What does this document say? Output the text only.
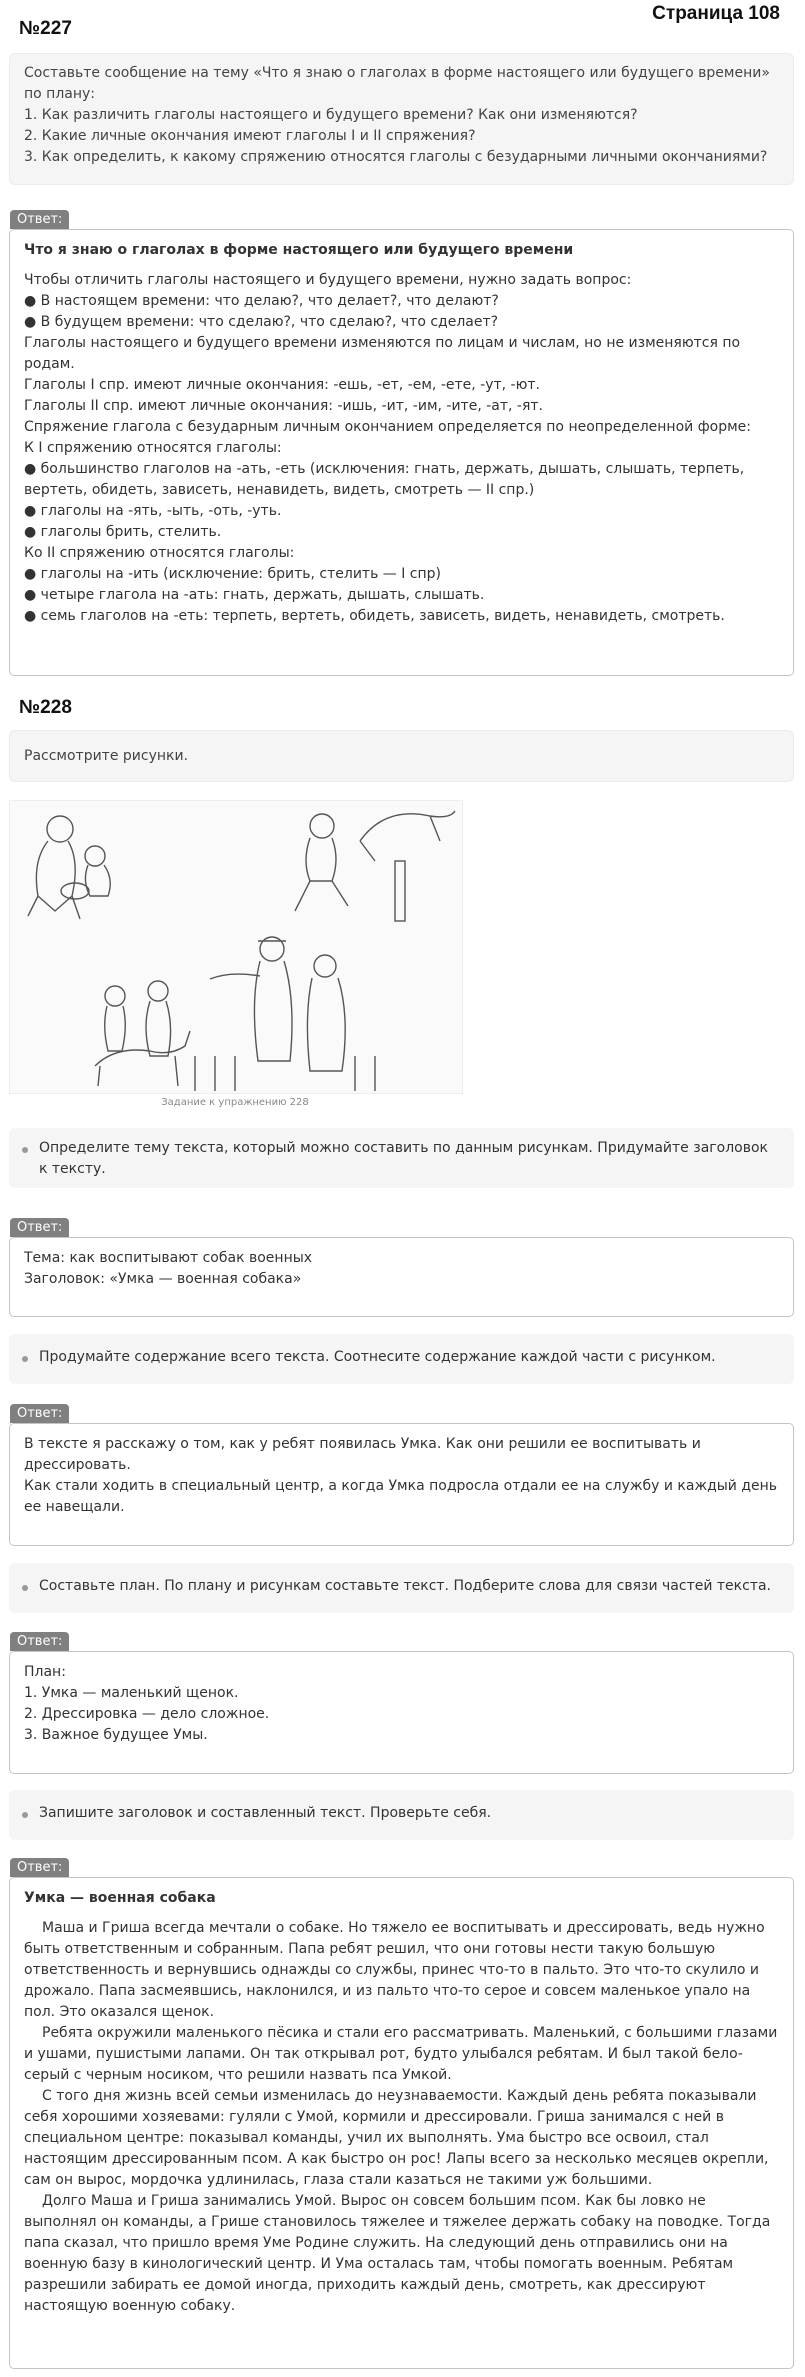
Страница 108
№227

Составьте сообщение на тему «Что я знаю о глаголах в форме настоящего или будущего времени» по плану:

1. Как различить глаголы настоящего и будущего времени? Как они изменяются?

2. Какие личные окончания имеют глаголы I и II спряжения?

3. Как определить, к какому спряжению относятся глаголы с безударными личными окончаниями?

Ответ:

Что я знаю о глаголах в форме настоящего или будущего времени

Чтобы отличить глаголы настоящего и будущего времени, нужно задать вопрос:

● В настоящем времени: что делаю?, что делает?, что делают?

● В будущем времени: что сделаю?, что сделаю?, что сделает?

Глаголы настоящего и будущего времени изменяются по лицам и числам, но не изменяются по родам.

Глаголы I спр. имеют личные окончания: -ешь, -ет, -ем, -ете, -ут, -ют.

Глаголы II спр. имеют личные окончания: -ишь, -ит, -им, -ите, -ат, -ят.

Спряжение глагола с безударным личным окончанием определяется по неопределенной форме:

К I спряжению относятся глаголы:

● большинство глаголов на -ать, -еть (исключения: гнать, держать, дышать, слышать, терпеть, вертеть, обидеть, зависеть, ненавидеть, видеть, смотреть — II спр.)

● глаголы на -ять, -ыть, -оть, -уть.

● глаголы брить, стелить.

Ко II спряжению относятся глаголы:

● глаголы на -ить (исключение: брить, стелить — I спр)

● четыре глагола на -ать: гнать, держать, дышать, слышать.

● семь глаголов на -еть: терпеть, вертеть, обидеть, зависеть, видеть, ненавидеть, смотреть.

№228

Рассмотрите рисунки.

Задание к упражнению 228
Определите тему текста, который можно составить по данным рисункам. Придумайте заголовок к тексту.
Ответ:

Тема: как воспитывают собак военных

Заголовок: «Умка — военная собака»

Продумайте содержание всего текста. Соотнесите содержание каждой части с рисунком.
Ответ:

В тексте я расскажу о том, как у ребят появилась Умка. Как они решили ее воспитывать и дрессировать.

Как стали ходить в специальный центр, а когда Умка подросла отдали ее на службу и каждый день ее навещали.

Составьте план. По плану и рисункам составьте текст. Подберите слова для связи частей текста.
Ответ:

План:

1. Умка — маленький щенок.

2. Дрессировка — дело сложное.

3. Важное будущее Умы.

Запишите заголовок и составленный текст. Проверьте себя.
Ответ:

Умка — военная собака

Маша и Гриша всегда мечтали о собаке. Но тяжело ее воспитывать и дрессировать, ведь нужно быть ответственным и собранным. Папа ребят решил, что они готовы нести такую большую ответственность и вернувшись однажды со службы, принес что-то в пальто. Это что-то скулило и дрожало. Папа засмеявшись, наклонился, и из пальто что-то серое и совсем маленькое упало на пол. Это оказался щенок.

Ребята окружили маленького пёсика и стали его рассматривать. Маленький, с большими глазами и ушами, пушистыми лапами. Он так открывал рот, будто улыбался ребятам. И был такой бело-серый с черным носиком, что решили назвать пса Умкой.

С того дня жизнь всей семьи изменилась до неузнаваемости. Каждый день ребята показывали себя хорошими хозяевами: гуляли с Умой, кормили и дрессировали. Гриша занимался с ней в специальном центре: показывал команды, учил их выполнять. Ума быстро все освоил, стал настоящим дрессированным псом. А как быстро он рос! Лапы всего за несколько месяцев окрепли, сам он вырос, мордочка удлинилась, глаза стали казаться не такими уж большими.

Долго Маша и Гриша занимались Умой. Вырос он совсем большим псом. Как бы ловко не выполнял он команды, а Грише становилось тяжелее и тяжелее держать собаку на поводке. Тогда папа сказал, что пришло время Уме Родине служить. На следующий день отправились они на военную базу в кинологический центр. И Ума осталась там, чтобы помогать военным. Ребятам разрешили забирать ее домой иногда, приходить каждый день, смотреть, как дрессируют настоящую военную собаку.
